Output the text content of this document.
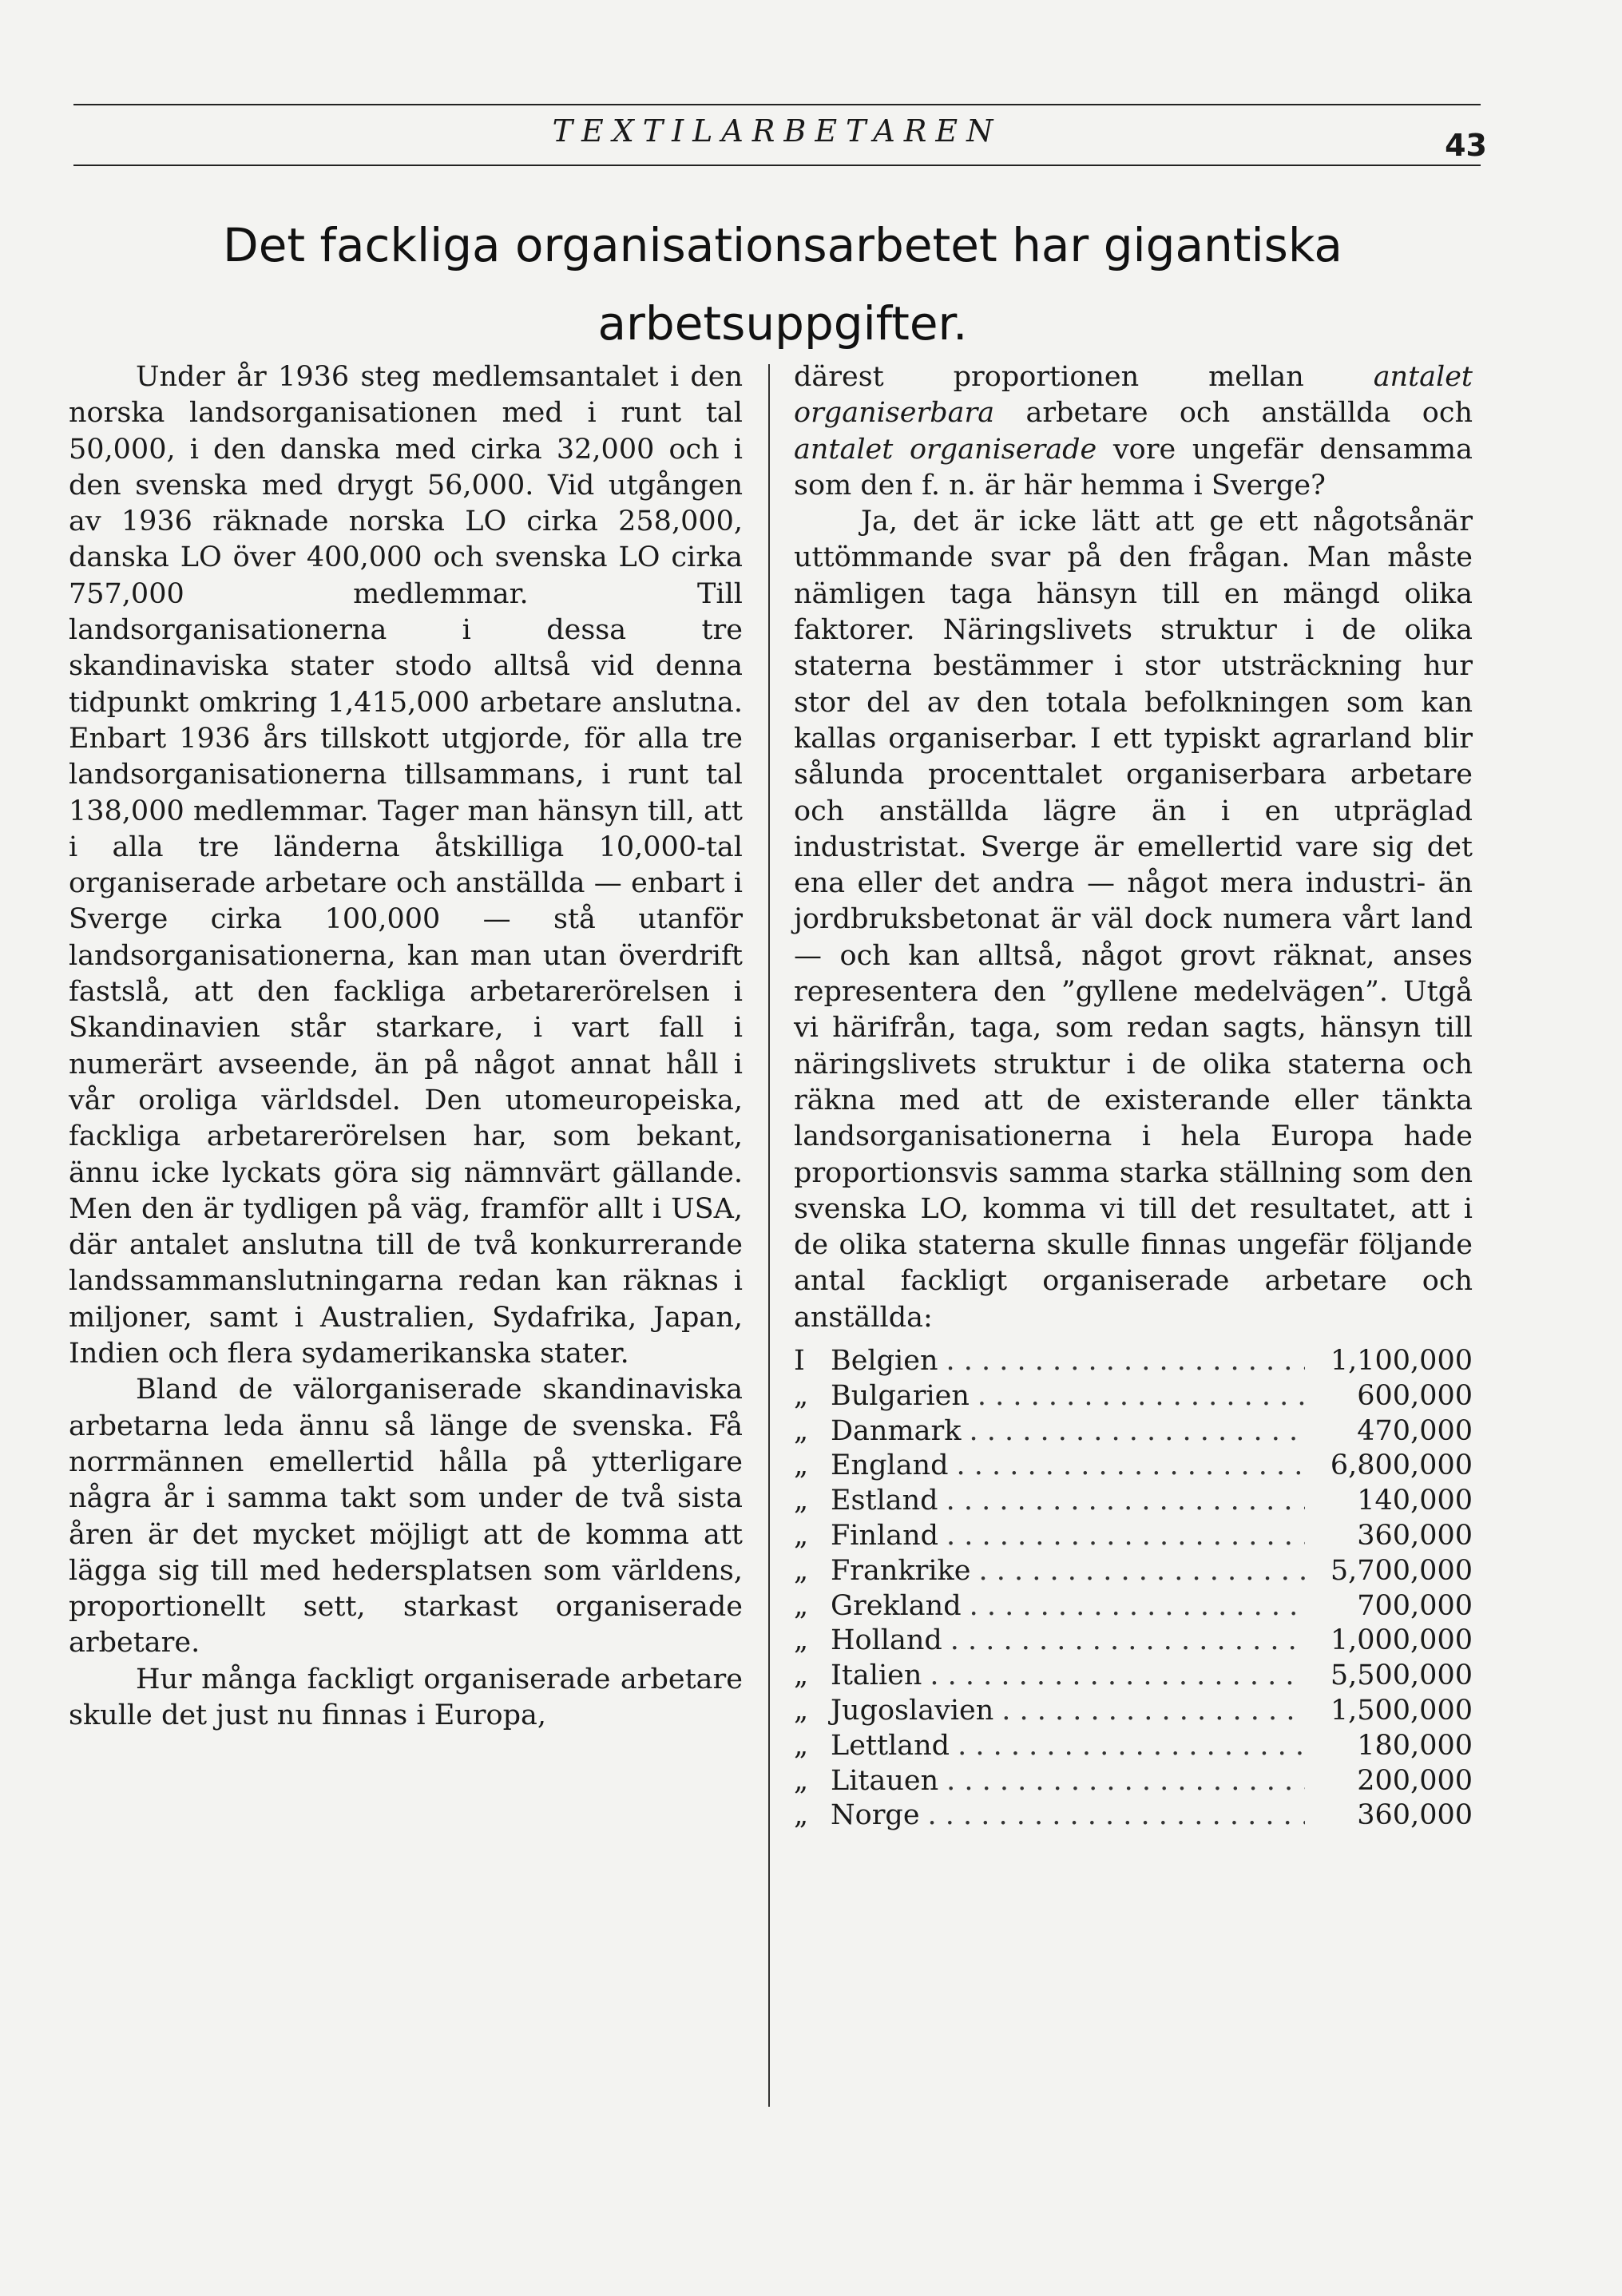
TEXTILARBETAREN	43
Det fackliga organisationsarbetet har gigantiska arbetsuppgifter.

Under år 1936 steg medlemsantalet i den norska landsorganisationen med i runt tal 50,000, i den danska med cirka 32,000 och i den svenska med drygt 56,000. Vid utgången av 1936 räknade norska LO cirka 258,000, danska LO över 400,000 och svenska LO cirka 757,000 medlemmar. Till landsorganisationerna i dessa tre skandinaviska stater stodo alltså vid denna tidpunkt omkring 1,415,000 arbetare anslutna. Enbart 1936 års tillskott utgjorde, för alla tre landsorganisationerna tillsammans, i runt tal 138,000 medlemmar. Tager man hänsyn till, att i alla tre länderna åtskilliga 10,000-tal organiserade arbetare och anställda — enbart i Sverge cirka 100,000 — stå utanför landsorganisationerna, kan man utan överdrift fastslå, att den fackliga arbetarerörelsen i Skandinavien står starkare, i vart fall i numerärt avseende, än på något annat håll i vår oroliga världsdel. Den utomeuropeiska, fackliga arbetarerörelsen har, som bekant, ännu icke lyckats göra sig nämnvärt gällande. Men den är tydligen på väg, framför allt i USA, där antalet anslutna till de två konkurrerande landssammanslutningarna redan kan räknas i miljoner, samt i Australien, Sydafrika, Japan, Indien och flera sydamerikanska stater.

Bland de välorganiserade skandinaviska arbetarna leda ännu så länge de svenska. Få norrmännen emellertid hålla på ytterligare några år i samma takt som under de två sista åren är det mycket möjligt att de komma att lägga sig till med hedersplatsen som världens, proportionellt sett, starkast organiserade arbetare.

Hur många fackligt organiserade arbetare skulle det just nu finnas i Europa,

därest proportionen mellan antalet organiserbara arbetare och anställda och antalet organiserade vore ungefär densamma som den f. n. är här hemma i Sverge?

Ja, det är icke lätt att ge ett någotsånär uttömmande svar på den frågan. Man måste nämligen taga hänsyn till en mängd olika faktorer. Näringslivets struktur i de olika staterna bestämmer i stor utsträckning hur stor del av den totala befolkningen som kan kallas organiserbar. I ett typiskt agrarland blir sålunda procenttalet organiserbara arbetare och anställda lägre än i en utpräglad industristat. Sverge är emellertid vare sig det ena eller det andra — något mera industri- än jordbruksbetonat är väl dock numera vårt land — och kan alltså, något grovt räknat, anses representera den ”gyllene medelvägen”. Utgå vi härifrån, taga, som redan sagts, hänsyn till näringslivets struktur i de olika staterna och räkna med att de existerande eller tänkta landsorganisationerna i hela Europa hade proportionsvis samma starka ställning som den svenska LO, komma vi till det resultatet, att i de olika staterna skulle finnas ungefär följande antal fackligt organiserade arbetare och anställda:

I Belgien . . .	1,100,000
„ Bulgarien . . .	600,000
„ Danmark . . .	470,000
„ England . . .	6,800,000
„ Estland . . .	140,000
„ Finland . . .	360,000
„ Frankrike . . .	5,700,000
„ Grekland . . .	700,000
„ Holland . . .	1,000,000
„ Italien . . .	5,500,000
„ Jugoslavien . . .	1,500,000
„ Lettland . . .	180,000
„ Litauen . . .	200,000
„ Norge . . .	360,000
